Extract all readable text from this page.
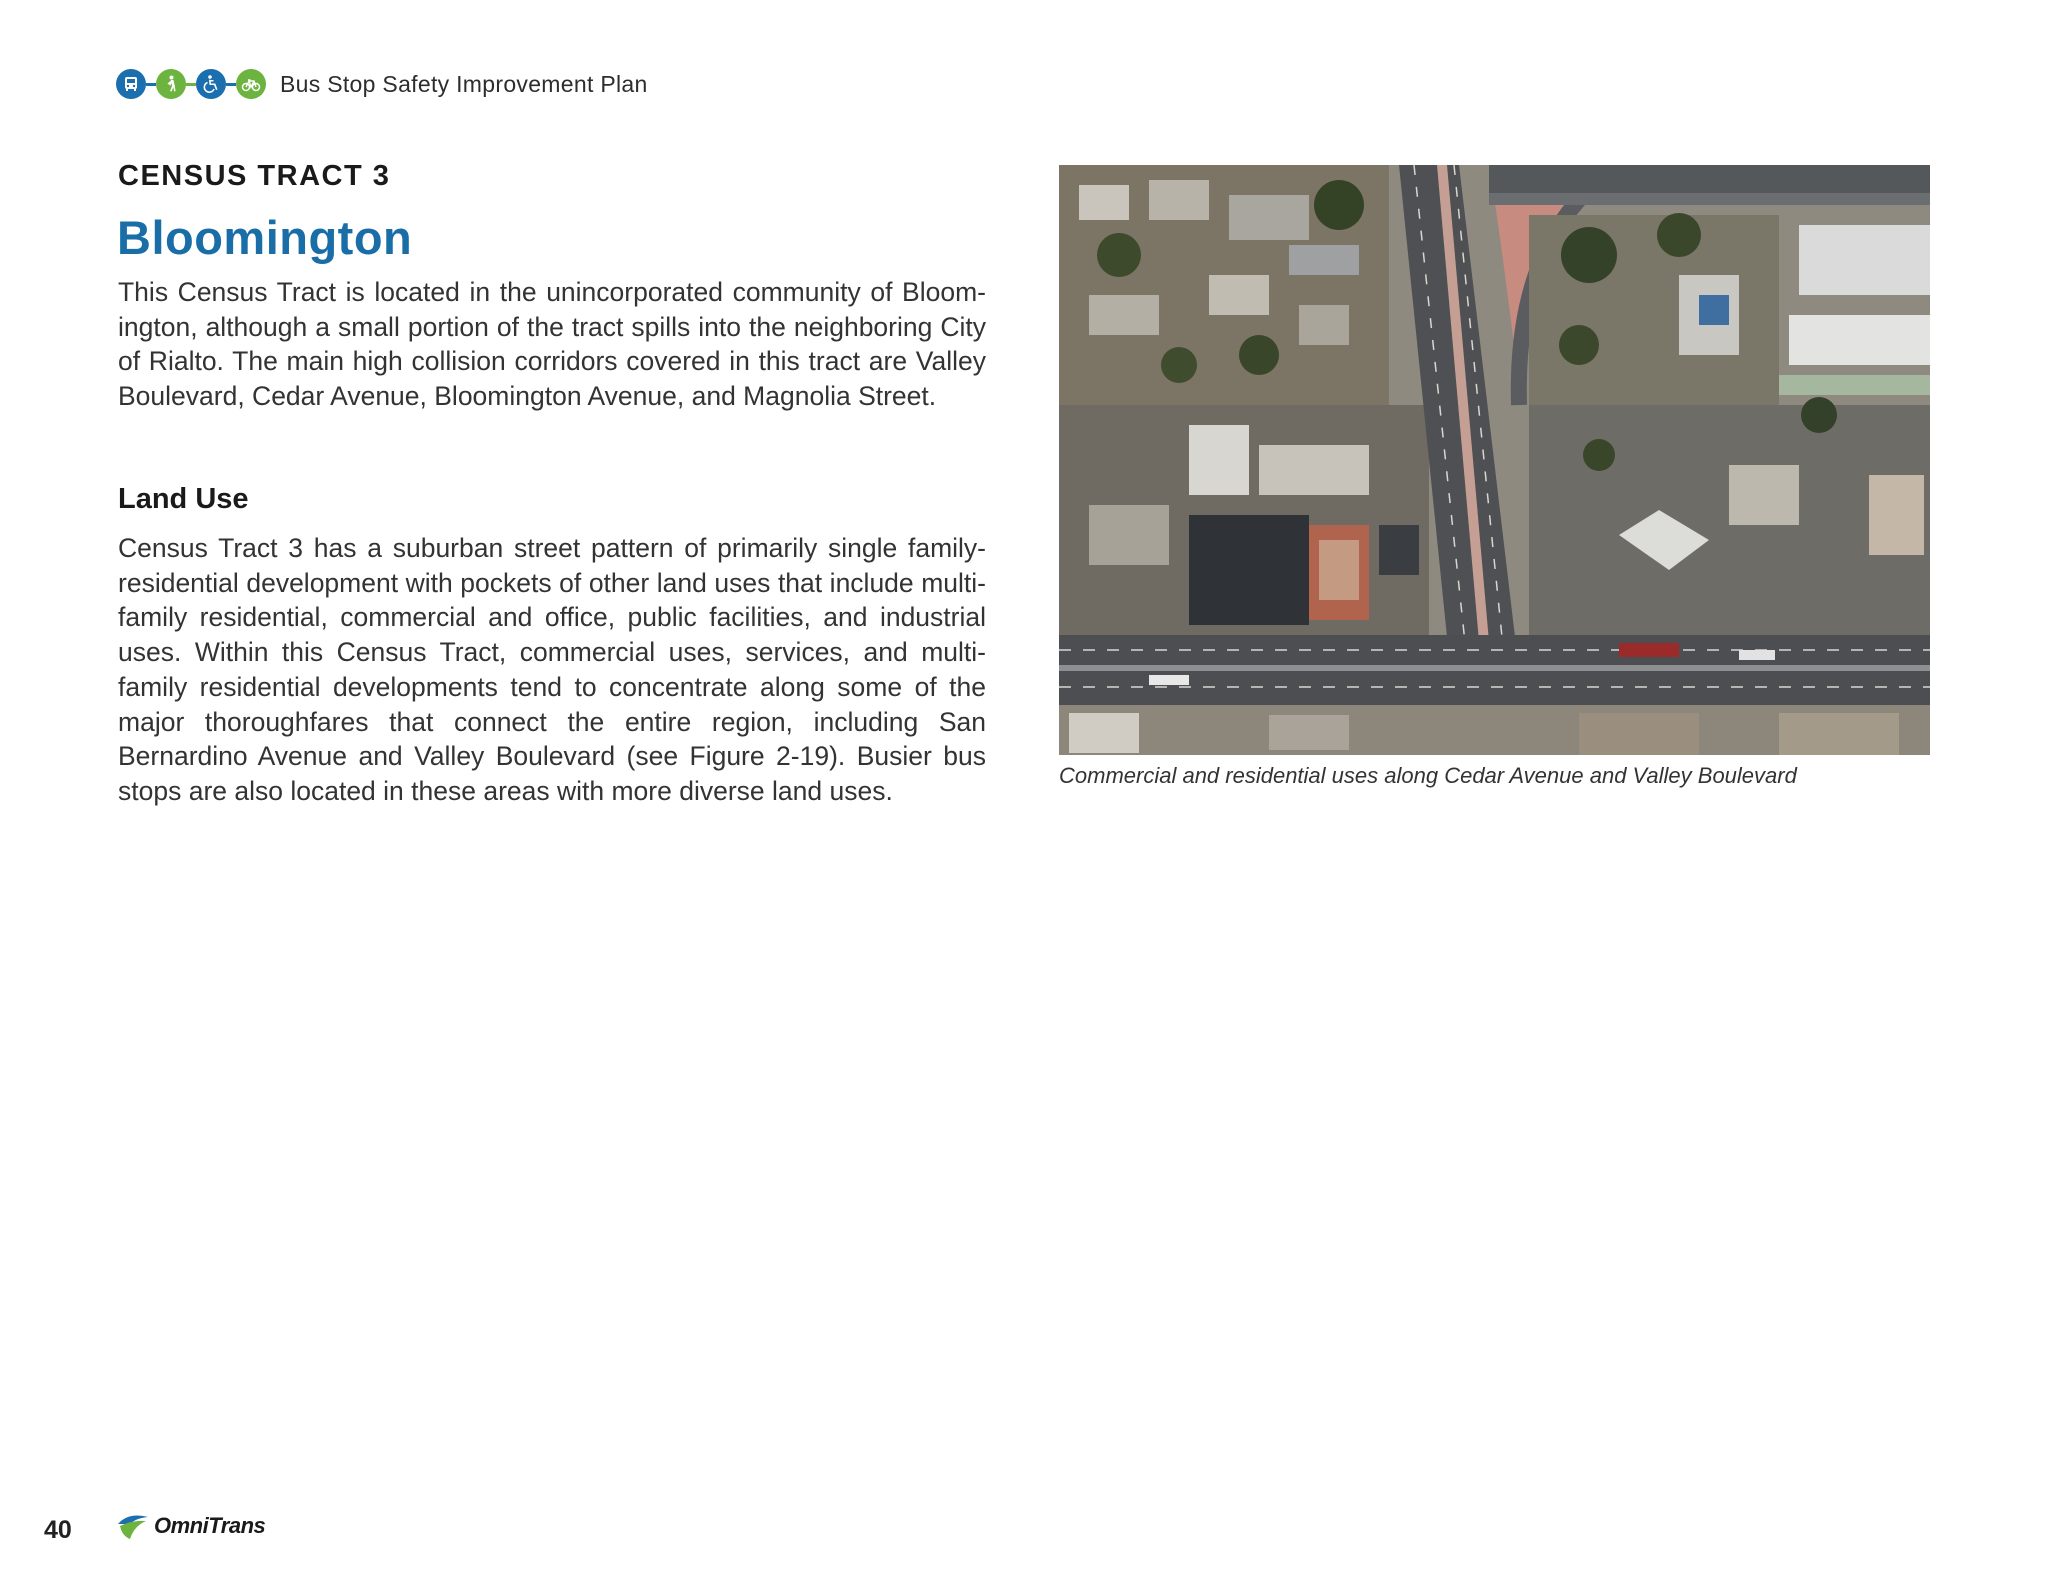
Bus Stop Safety Improvement Plan
CENSUS TRACT 3
Bloomington

This Census Tract is located in the unincorporated community of Bloomington, although a small portion of the tract spills into the neighboring City of Rialto. The main high collision corridors covered in this tract are Valley Boulevard, Cedar Avenue, Bloomington Avenue, and Magnolia Street.

Land Use

Census Tract 3 has a suburban street pattern of primarily single family-residential development with pockets of other land uses that include multi-family residential, commercial and office, public facilities, and industrial uses. Within this Census Tract, commercial uses, services, and multi-family residential developments tend to concentrate along some of the major thoroughfares that connect the entire region, including San Bernardino Avenue and Valley Boulevard (see Figure 2-19). Busier bus stops are also located in these areas with more diverse land uses.

Commercial and residential uses along Cedar Avenue and Valley Boulevard
40	OmniTrans
